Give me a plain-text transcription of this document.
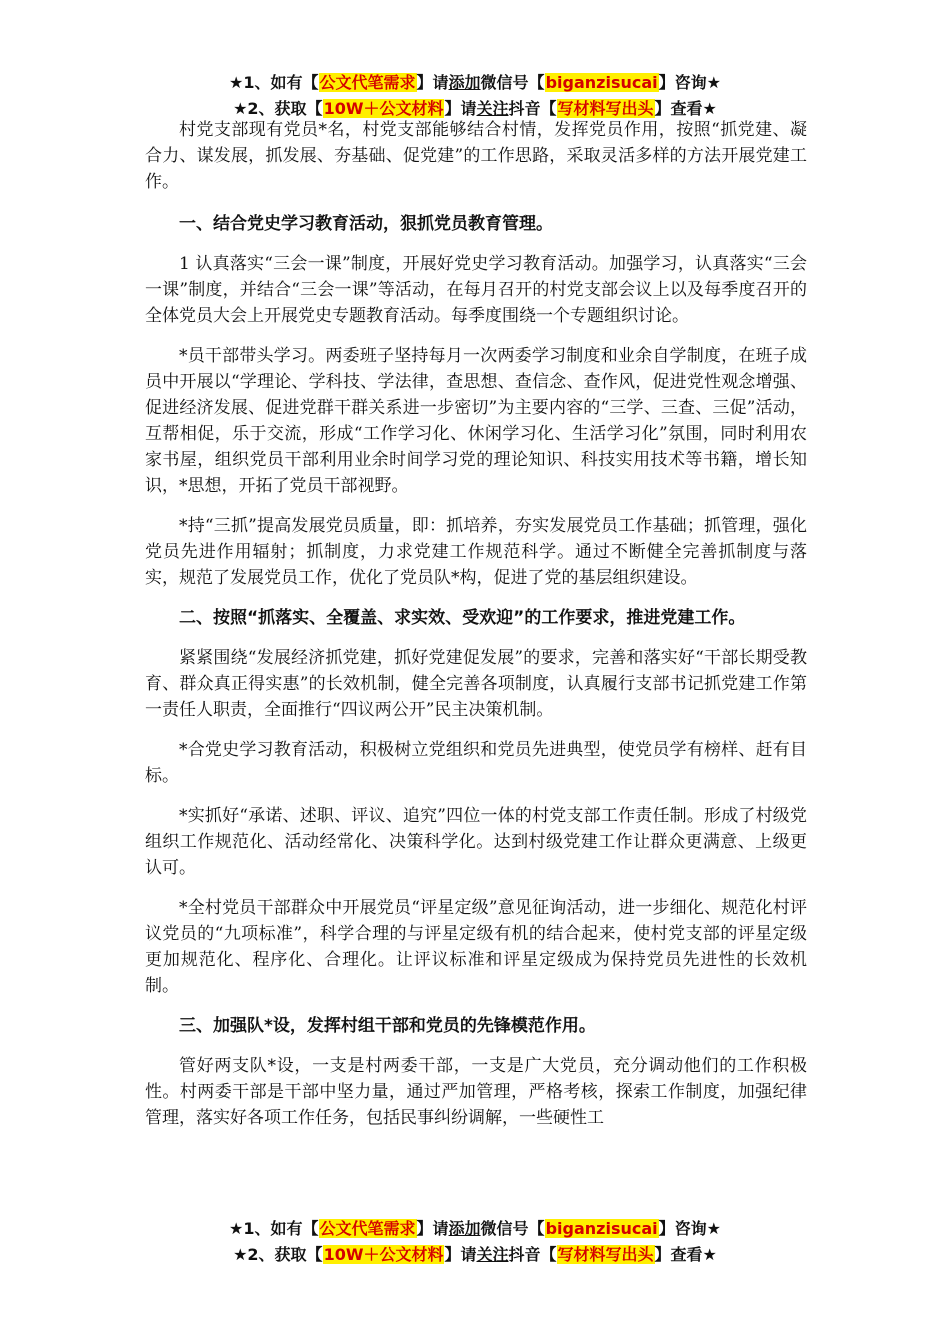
★1、如有【公文代笔需求】请添加微信号【biganzisucai】咨询★
★2、获取【10W＋公文材料】请关注抖音【写材料写出头】查看★

村党支部现有党员*名，村党支部能够结合村情，发挥党员作用，按照“抓党建、凝合力、谋发展，抓发展、夯基础、促党建”的工作思路，采取灵活多样的方法开展党建工作。

一、结合党史学习教育活动，狠抓党员教育管理。

1 认真落实“三会一课”制度，开展好党史学习教育活动。加强学习，认真落实“三会一课”制度，并结合“三会一课”等活动，在每月召开的村党支部会议上以及每季度召开的全体党员大会上开展党史专题教育活动。每季度围绕一个专题组织讨论。

*员干部带头学习。两委班子坚持每月一次两委学习制度和业余自学制度，在班子成员中开展以“学理论、学科技、学法律，查思想、查信念、查作风，促进党性观念增强、促进经济发展、促进党群干群关系进一步密切”为主要内容的“三学、三查、三促”活动，互帮相促，乐于交流，形成“工作学习化、休闲学习化、生活学习化”氛围，同时利用农家书屋，组织党员干部利用业余时间学习党的理论知识、科技实用技术等书籍，增长知识，*思想，开拓了党员干部视野。

*持“三抓”提高发展党员质量，即：抓培养，夯实发展党员工作基础；抓管理，强化党员先进作用辐射；抓制度，力求党建工作规范科学。通过不断健全完善抓制度与落实，规范了发展党员工作，优化了党员队*构，促进了党的基层组织建设。

二、按照“抓落实、全覆盖、求实效、受欢迎”的工作要求，推进党建工作。

紧紧围绕“发展经济抓党建，抓好党建促发展”的要求，完善和落实好“干部长期受教育、群众真正得实惠”的长效机制，健全完善各项制度，认真履行支部书记抓党建工作第一责任人职责，全面推行“四议两公开”民主决策机制。

*合党史学习教育活动，积极树立党组织和党员先进典型，使党员学有榜样、赶有目标。

*实抓好“承诺、述职、评议、追究”四位一体的村党支部工作责任制。形成了村级党组织工作规范化、活动经常化、决策科学化。达到村级党建工作让群众更满意、上级更认可。

*全村党员干部群众中开展党员“评星定级”意见征询活动，进一步细化、规范化村评议党员的“九项标准”，科学合理的与评星定级有机的结合起来，使村党支部的评星定级更加规范化、程序化、合理化。让评议标准和评星定级成为保持党员先进性的长效机制。

三、加强队*设，发挥村组干部和党员的先锋模范作用。

管好两支队*设，一支是村两委干部，一支是广大党员，充分调动他们的工作积极性。村两委干部是干部中坚力量，通过严加管理，严格考核，探索工作制度，加强纪律管理，落实好各项工作任务，包括民事纠纷调解，一些硬性工

★1、如有【公文代笔需求】请添加微信号【biganzisucai】咨询★
★2、获取【10W＋公文材料】请关注抖音【写材料写出头】查看★
